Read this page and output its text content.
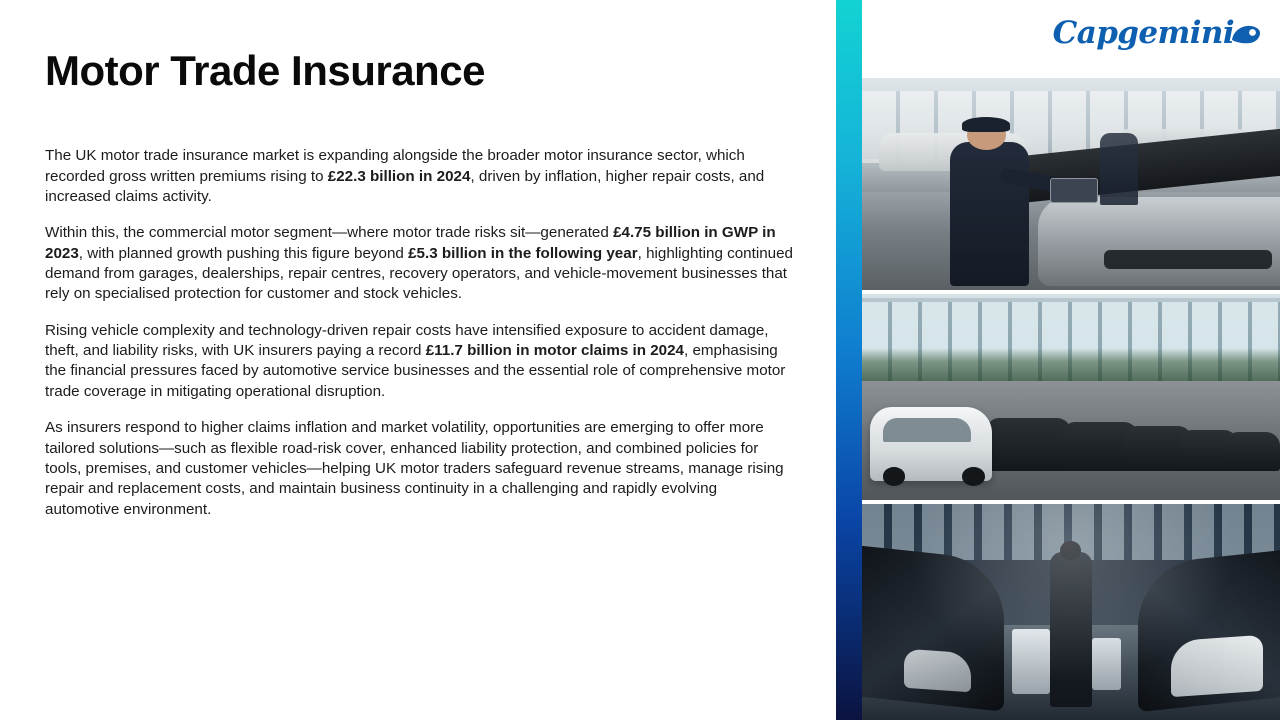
Motor Trade Insurance

The UK motor trade insurance market is expanding alongside the broader motor insurance sector, which recorded gross written premiums rising to £22.3 billion in 2024, driven by inflation, higher repair costs, and increased claims activity.

Within this, the commercial motor segment—where motor trade risks sit—generated £4.75 billion in GWP in 2023, with planned growth pushing this figure beyond £5.3 billion in the following year, highlighting continued demand from garages, dealerships, repair centres, recovery operators, and vehicle-movement businesses that rely on specialised protection for customer and stock vehicles.

Rising vehicle complexity and technology-driven repair costs have intensified exposure to accident damage, theft, and liability risks, with UK insurers paying a record £11.7 billion in motor claims in 2024, emphasising the financial pressures faced by automotive service businesses and the essential role of comprehensive motor trade coverage in mitigating operational disruption.

As insurers respond to higher claims inflation and market volatility, opportunities are emerging to offer more tailored solutions—such as flexible road-risk cover, enhanced liability protection, and combined policies for tools, premises, and customer vehicles—helping UK motor traders safeguard revenue streams, manage rising repair and replacement costs, and maintain business continuity in a challenging and rapidly evolving automotive environment.

Capgemini
